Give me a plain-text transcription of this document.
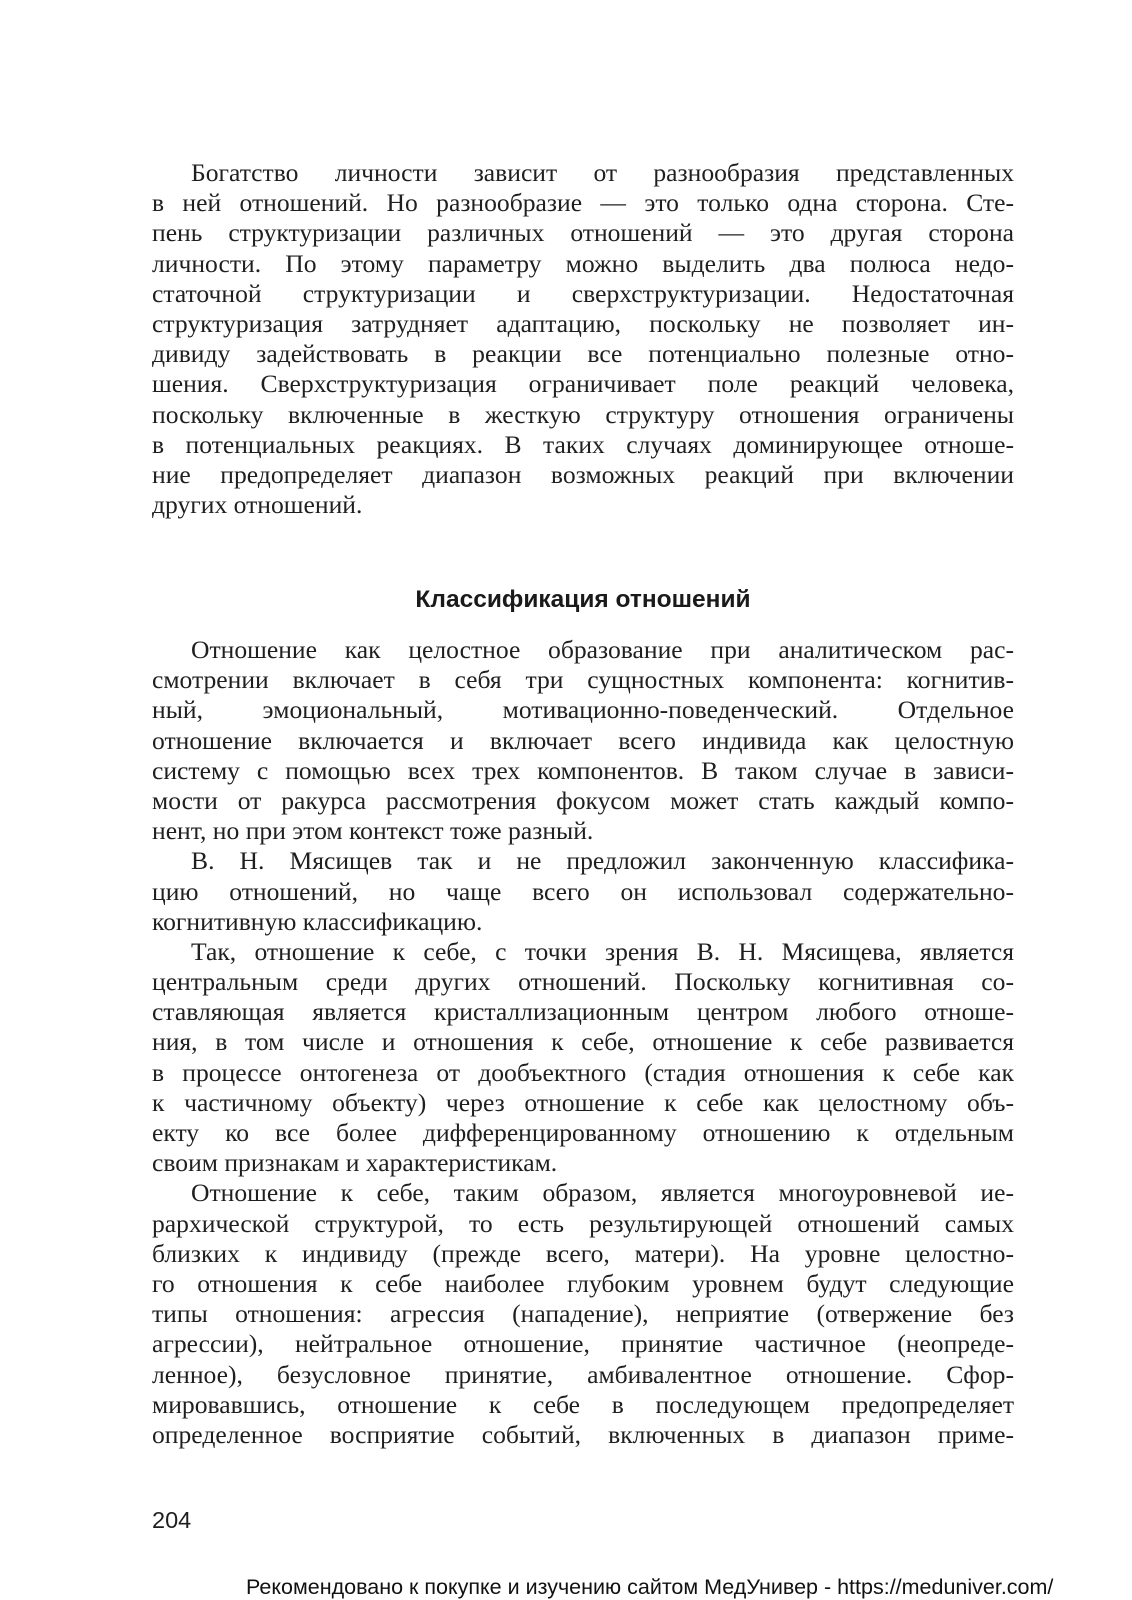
Богатство личности зависит от разнообразия представленных
в ней отношений. Но разнообразие — это только одна сторона. Сте-
пень структуризации различных отношений — это другая сторона
личности. По этому параметру можно выделить два полюса недо-
статочной структуризации и сверхструктуризации. Недостаточная
структуризация затрудняет адаптацию, поскольку не позволяет ин-
дивиду задействовать в реакции все потенциально полезные отно-
шения. Сверхструктуризация ограничивает поле реакций человека,
поскольку включенные в жесткую структуру отношения ограничены
в потенциальных реакциях. В таких случаях доминирующее отноше-
ние предопределяет диапазон возможных реакций при включении
других отношений.
Классификация отношений
Отношение как целостное образование при аналитическом рас-
смотрении включает в себя три сущностных компонента: когнитив-
ный, эмоциональный, мотивационно-поведенческий. Отдельное
отношение включается и включает всего индивида как целостную
систему с помощью всех трех компонентов. В таком случае в зависи-
мости от ракурса рассмотрения фокусом может стать каждый компо-
нент, но при этом контекст тоже разный.
В. Н. Мясищев так и не предложил законченную классифика-
цию отношений, но чаще всего он использовал содержательно-
когнитивную классификацию.
Так, отношение к себе, с точки зрения В. Н. Мясищева, является
центральным среди других отношений. Поскольку когнитивная со-
ставляющая является кристаллизационным центром любого отноше-
ния, в том числе и отношения к себе, отношение к себе развивается
в процессе онтогенеза от дообъектного (стадия отношения к себе как
к частичному объекту) через отношение к себе как целостному объ-
екту ко все более дифференцированному отношению к отдельным
своим признакам и характеристикам.
Отношение к себе, таким образом, является многоуровневой ие-
рархической структурой, то есть результирующей отношений самых
близких к индивиду (прежде всего, матери). На уровне целостно-
го отношения к себе наиболее глубоким уровнем будут следующие
типы отношения: агрессия (нападение), неприятие (отвержение без
агрессии), нейтральное отношение, принятие частичное (неопреде-
ленное), безусловное принятие, амбивалентное отношение. Сфор-
мировавшись, отношение к себе в последующем предопределяет
определенное восприятие событий, включенных в диапазон приме-
204
Рекомендовано к покупке и изучению сайтом МедУнивер - https://meduniver.com/
